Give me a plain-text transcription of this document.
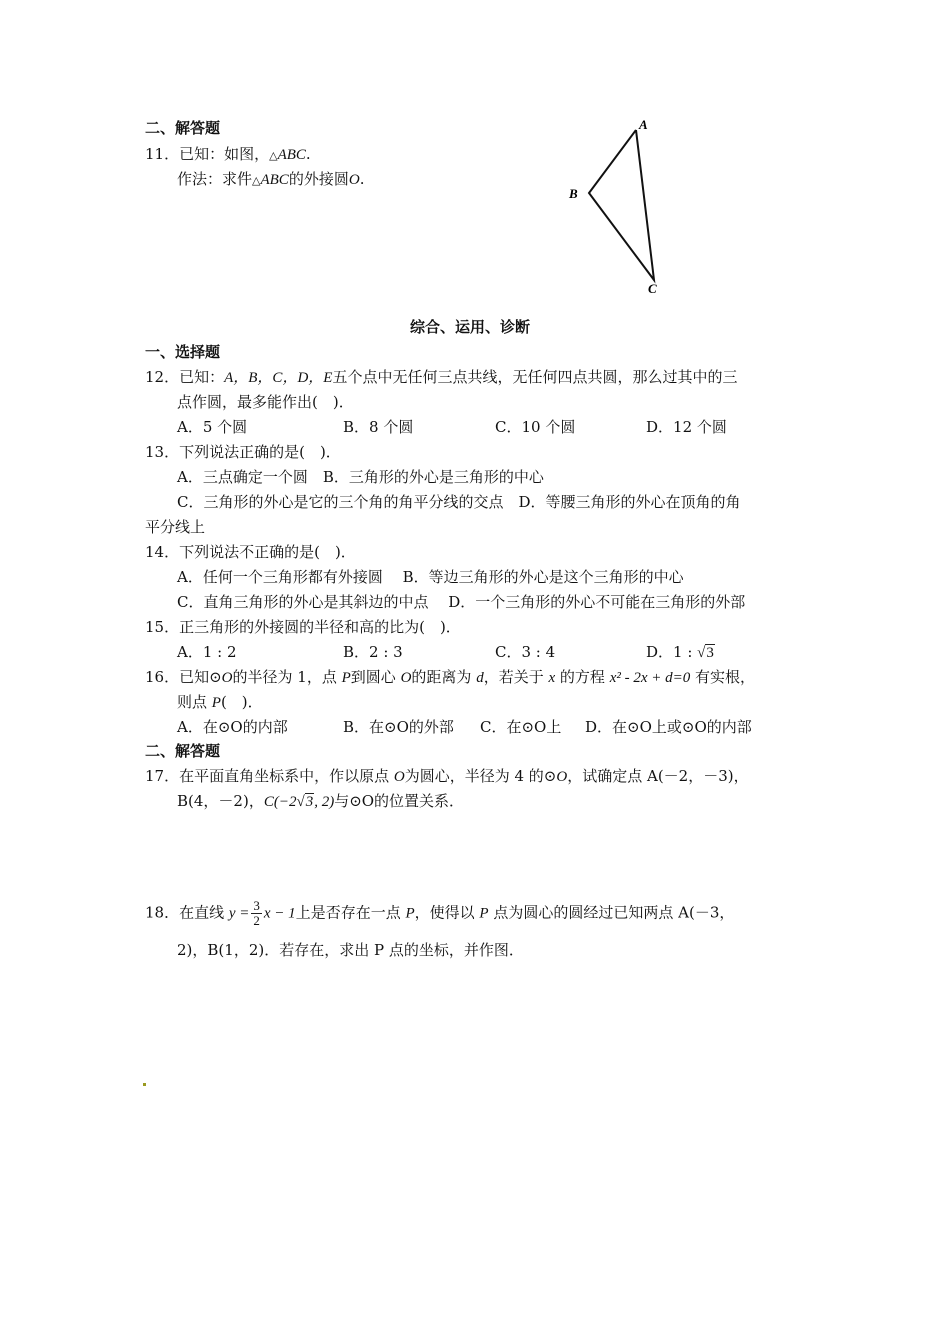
二、解答题
11．已知：如图，△ABC.
作法：求件△ABC的外接圆O.
A
B
C
综合、运用、诊断
一、选择题
12．已知：A，B，C，D，E五个点中无任何三点共线，无任何四点共圆，那么过其中的三
点作圆，最多能作出(　)．
A．5 个圆	B．8 个圆	C．10 个圆	D．12 个圆
13．下列说法正确的是(　)．
A．三点确定一个圆　B．三角形的外心是三角形的中心
C．三角形的外心是它的三个角的角平分线的交点　D．等腰三角形的外心在顶角的角
平分线上
14．下列说法不正确的是(　)．
A．任何一个三角形都有外接圆　 B．等边三角形的外心是这个三角形的中心
C．直角三角形的外心是其斜边的中点　 D．一个三角形的外心不可能在三角形的外部
15．正三角形的外接圆的半径和高的比为(　)．
A．1 : 2	B．2 : 3	C．3 : 4	D．1 : √3
16．已知⊙O的半径为 1，点 P到圆心 O的距离为 d，若关于 x 的方程 x² - 2x + d=0 有实根，
则点 P(　)．
A．在⊙O的内部	B．在⊙O的外部 C．在⊙O上 D．在⊙O上或⊙O的内部
二、解答题
17．在平面直角坐标系中，作以原点 O为圆心，半径为 4 的⊙O，试确定点 A(－2，－3)，
B(4，－2)，C(−2√3, 2)与⊙O的位置关系．
18．在直线 $y = \frac{3}{2}$ x − 1上是否存在一点 P，使得以 P 点为圆心的圆经过已知两点 A(－3，
2)，B(1，2)．若存在，求出 P 点的坐标，并作图．
